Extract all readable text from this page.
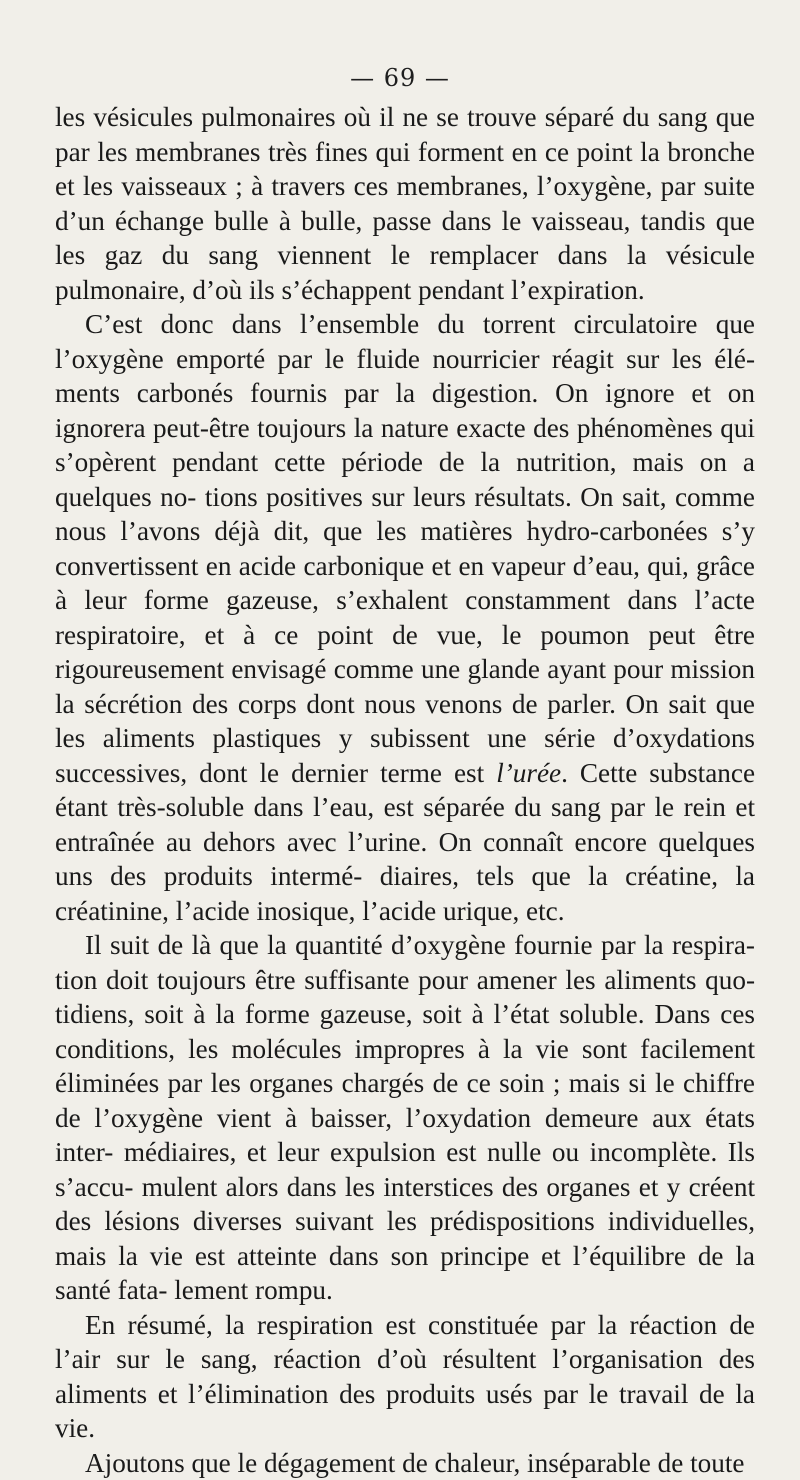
— 69 —

les vésicules pulmonaires où il ne se trouve séparé du sang que par les membranes très fines qui forment en ce point la bronche et les vaisseaux ; à travers ces membranes, l’oxygène, par suite d’un échange bulle à bulle, passe dans le vaisseau, tandis que les gaz du sang viennent le remplacer dans la vésicule pulmonaire, d’où ils s’échappent pendant l’expiration.

C’est donc dans l’ensemble du torrent circulatoire que l’oxygène emporté par le fluide nourricier réagit sur les élé- ments carbonés fournis par la digestion. On ignore et on ignorera peut-être toujours la nature exacte des phénomènes qui s’opèrent pendant cette période de la nutrition, mais on a quelques no- tions positives sur leurs résultats. On sait, comme nous l’avons déjà dit, que les matières hydro-carbonées s’y convertissent en acide carbonique et en vapeur d’eau, qui, grâce à leur forme gazeuse, s’exhalent constamment dans l’acte respiratoire, et à ce point de vue, le poumon peut être rigoureusement envisagé comme une glande ayant pour mission la sécrétion des corps dont nous venons de parler. On sait que les aliments plastiques y subissent une série d’oxydations successives, dont le dernier terme est l’urée. Cette substance étant très-soluble dans l’eau, est séparée du sang par le rein et entraînée au dehors avec l’urine. On connaît encore quelques uns des produits intermé- diaires, tels que la créatine, la créatinine, l’acide inosique, l’acide urique, etc.

Il suit de là que la quantité d’oxygène fournie par la respira- tion doit toujours être suffisante pour amener les aliments quo- tidiens, soit à la forme gazeuse, soit à l’état soluble. Dans ces conditions, les molécules impropres à la vie sont facilement éliminées par les organes chargés de ce soin ; mais si le chiffre de l’oxygène vient à baisser, l’oxydation demeure aux états inter- médiaires, et leur expulsion est nulle ou incomplète. Ils s’accu- mulent alors dans les interstices des organes et y créent des lésions diverses suivant les prédispositions individuelles, mais la vie est atteinte dans son principe et l’équilibre de la santé fata- lement rompu.

En résumé, la respiration est constituée par la réaction de l’air sur le sang, réaction d’où résultent l’organisation des aliments et l’élimination des produits usés par le travail de la vie.

Ajoutons que le dégagement de chaleur, inséparable de toute
